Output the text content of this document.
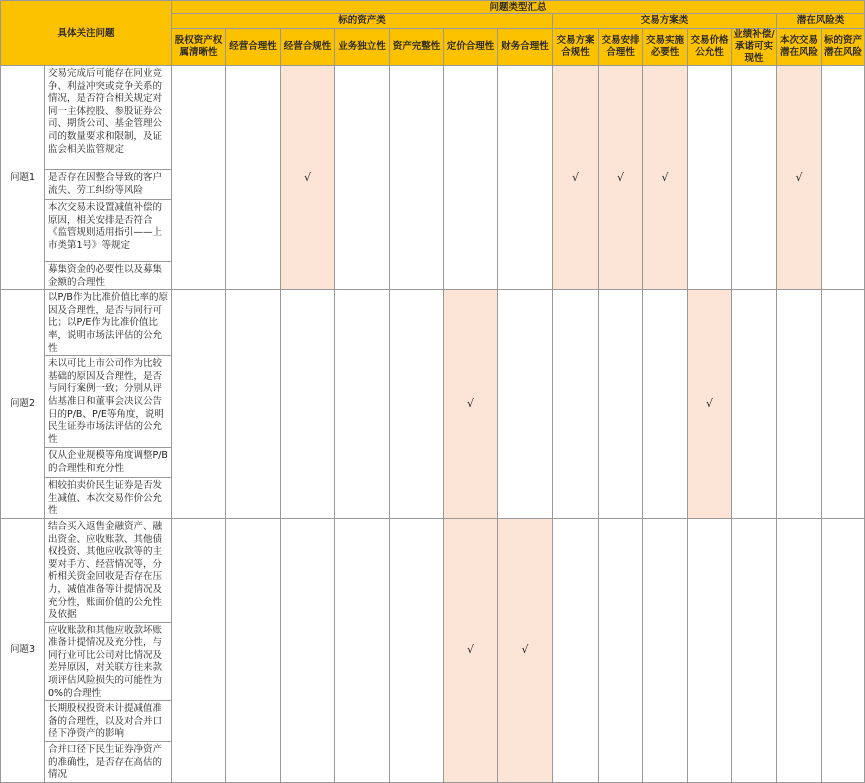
具体关注问题		问题类型汇总													
		标的资产类							交易方案类					潜在风险类	
		股权资产权属清晰性	经营合理性	经营合规性	业务独立性	资产完整性	定价合理性	财务合理性	交易方案合规性	交易安排合理性	交易实施必要性	交易价格公允性	业绩补偿/承诺可实现性	本次交易潜在风险	标的资产潜在风险
问题1	交易完成后可能存在同业竞争、利益冲突或竞争关系的情况，是否符合相关规定对同一主体控股、参股证券公司、期货公司、基金管理公司的数量要求和限制，及证监会相关监管规定			√					√	√	√			√	
	是否存在因整合导致的客户流失、劳工纠纷等风险														
	本次交易未设置减值补偿的原因，相关安排是否符合《监管规则适用指引——上市类第1号》等规定														
	募集资金的必要性以及募集金额的合理性														
问题2	以P/B作为比准价值比率的原因及合理性，是否与同行可比；以P/E作为比准价值比率，说明市场法评估的公允性						√					√			
	未以可比上市公司作为比较基础的原因及合理性，是否与同行案例一致；分别从评估基准日和董事会决议公告日的P/B、P/E等角度，说明民生证券市场法评估的公允性														
	仅从企业规模等角度调整P/B的合理性和充分性														
	相较拍卖价民生证券是否发生减值、本次交易作价公允性														
问题3	结合买入返售金融资产、融出资金、应收账款、其他债权投资、其他应收款等的主要对手方、经营情况等，分析相关资金回收是否存在压力，减值准备等计提情况及充分性，账面价值的公允性及依据						√	√							
	应收账款和其他应收款坏账准备计提情况及充分性，与同行业可比公司对比情况及差异原因，对关联方往来款项评估风险损失的可能性为0%的合理性														
	长期股权投资未计提减值准备的合理性，以及对合并口径下净资产的影响														
	合并口径下民生证券净资产的准确性，是否存在高估的情况														
